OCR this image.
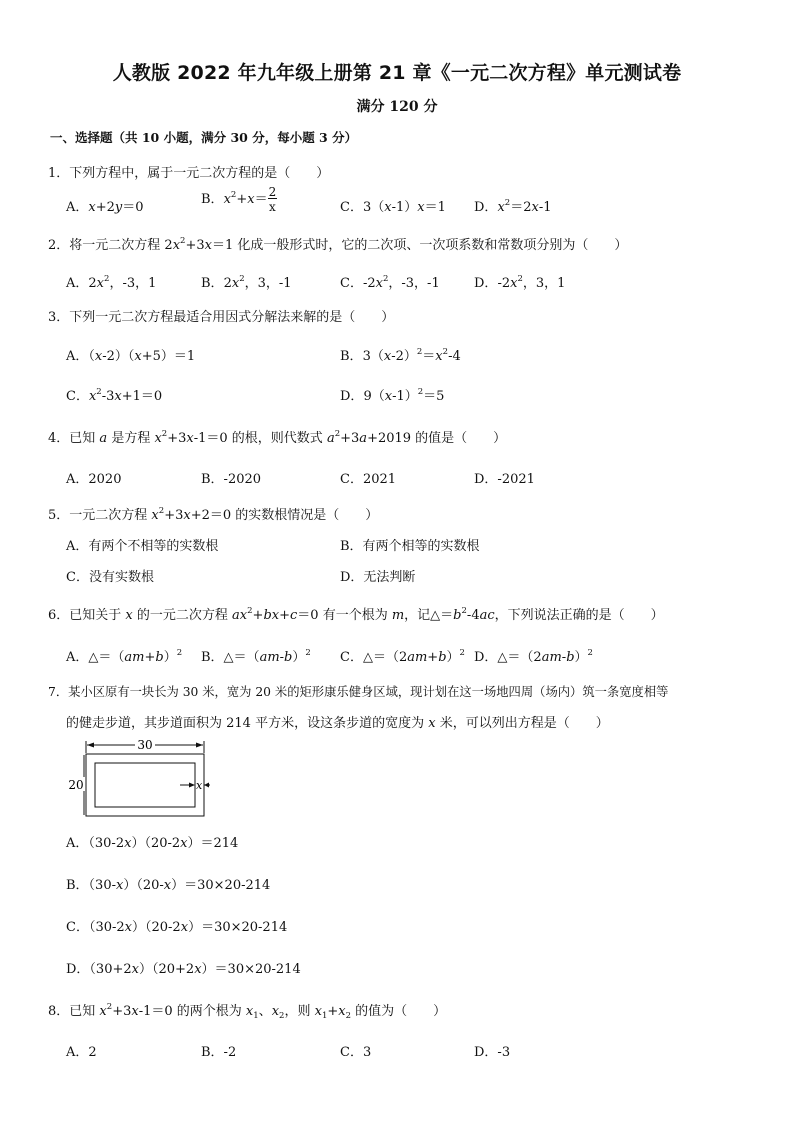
人教版 2022 年九年级上册第 21 章《一元二次方程》单元测试卷
满分 120 分
一、选择题（共 10 小题，满分 30 分，每小题 3 分）
1．下列方程中，属于一元二次方程的是（　　）
A．x+2y＝0
B．$x^2+x= \frac{2}{x}$	C．3（x-1）x＝1 D．$x^2=2x-1$
2．将一元二次方程 $2x^2+3x=1$ 化成一般形式时，它的二次项、一次项系数和常数项分别为（　　）
A．$2x^2$，-3，1	B．$2x^2$，3，-1	C．$-2x^2$，-3，-1	D．$-2x^2$，3，1
3．下列一元二次方程最适合用因式分解法来解的是（　　）
A．（x-2）（x+5）＝1	B．$3(x-2)^2=x^2-4$
C．$x^2-3x+1=0$	D．$9(x-1)^2=5$
4．已知 a 是方程 $x^2+3x-1=0$ 的根，则代数式 $a^2+3a+2019$ 的值是（　　）
A．2020	B．-2020	C．2021	D．-2021
5．一元二次方程 $x^2+3x+2=0$ 的实数根情况是（　　）
A．有两个不相等的实数根	B．有两个相等的实数根
C．没有实数根	D．无法判断
6．已知关于 x 的一元二次方程 $ax^2+bx+c=0$ 有一个根为 m，记$\triangle=b^2-4ac$，下列说法正确的是（　　）
A．$\triangle=(am+b)^2$ B．$\triangle=(am-b)^2$ C．$\triangle=(2am+b)^2$ D．$\triangle=(2am-b)^2$
7．某小区原有一块长为 30 米，宽为 20 米的矩形康乐健身区域，现计划在这一场地四周（场内）筑一条宽度相等
的健走步道，其步道面积为 214 平方米，设这条步道的宽度为 x 米，可以列出方程是（　　）
30
20	x
A．（30-2x）（20-2x）＝214
B．（30-x）（20-x）＝30×20-214
C．（30-2x）（20-2x）＝30×20-214
D．（30+2x）（20+2x）＝30×20-214
8．已知 $x^2+3x-1=0$ 的两个根为 $x_1$、$x_2$，则 $x_1+x_2$ 的值为（　　）
A．2	B．-2	C．3	D．-3
